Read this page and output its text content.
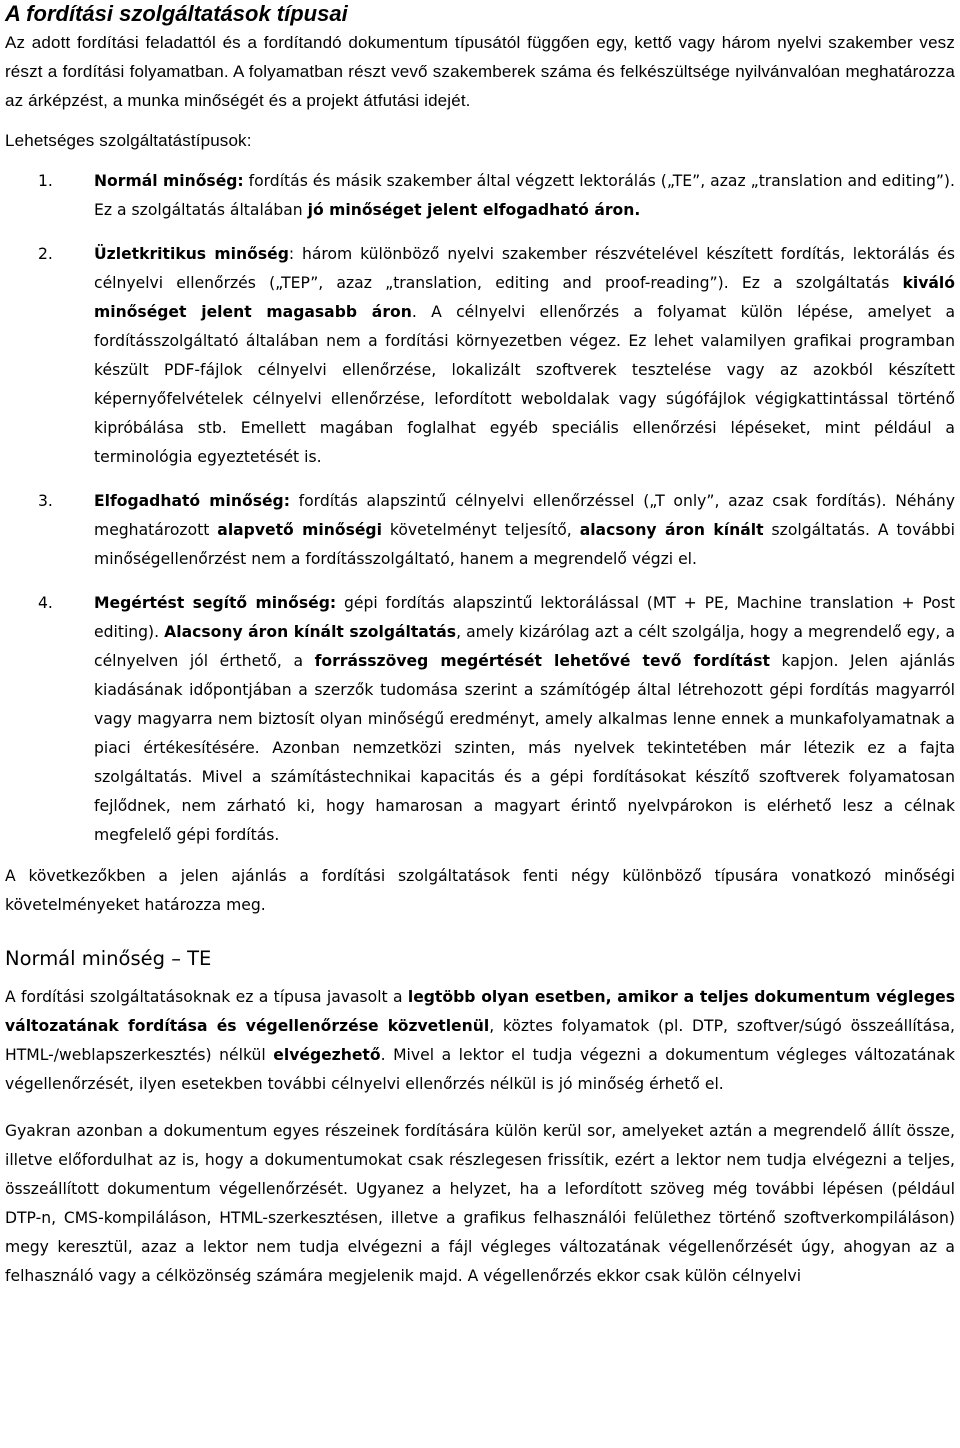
A fordítási szolgáltatások típusai

Az adott fordítási feladattól és a fordítandó dokumentum típusától függően egy, kettő vagy három nyelvi szakember vesz részt a fordítási folyamatban. A folyamatban részt vevő szakemberek száma és felkészültsége nyilvánvalóan meghatározza az árképzést, a munka minőségét és a projekt átfutási idejét.

Lehetséges szolgáltatástípusok:

1.	Normál minőség: fordítás és másik szakember által végzett lektorálás („TE”, azaz „translation and editing”). Ez a szolgáltatás általában jó minőséget jelent elfogadható áron.

2.	Üzletkritikus minőség: három különböző nyelvi szakember részvételével készített fordítás, lektorálás és célnyelvi ellenőrzés („TEP”, azaz „translation, editing and proof-reading”). Ez a szolgáltatás kiváló minőséget jelent magasabb áron. A célnyelvi ellenőrzés a folyamat külön lépése, amelyet a fordításszolgáltató általában nem a fordítási környezetben végez. Ez lehet valamilyen grafikai programban készült PDF-fájlok célnyelvi ellenőrzése, lokalizált szoftverek tesztelése vagy az azokból készített képernyőfelvételek célnyelvi ellenőrzése, lefordított weboldalak vagy súgófájlok végigkattintással történő kipróbálása stb. Emellett magában foglalhat egyéb speciális ellenőrzési lépéseket, mint például a terminológia egyeztetését is.

3.	Elfogadható minőség: fordítás alapszintű célnyelvi ellenőrzéssel („T only”, azaz csak fordítás). Néhány meghatározott alapvető minőségi követelményt teljesítő, alacsony áron kínált szolgáltatás. A további minőségellenőrzést nem a fordításszolgáltató, hanem a megrendelő végzi el.

4.	Megértést segítő minőség: gépi fordítás alapszintű lektorálással (MT + PE, Machine translation + Post editing). Alacsony áron kínált szolgáltatás, amely kizárólag azt a célt szolgálja, hogy a megrendelő egy, a célnyelven jól érthető, a forrásszöveg megértését lehetővé tevő fordítást kapjon. Jelen ajánlás kiadásának időpontjában a szerzők tudomása szerint a számítógép által létrehozott gépi fordítás magyarról vagy magyarra nem biztosít olyan minőségű eredményt, amely alkalmas lenne ennek a munkafolyamatnak a piaci értékesítésére. Azonban nemzetközi szinten, más nyelvek tekintetében már létezik ez a fajta szolgáltatás. Mivel a számítástechnikai kapacitás és a gépi fordításokat készítő szoftverek folyamatosan fejlődnek, nem zárható ki, hogy hamarosan a magyart érintő nyelvpárokon is elérhető lesz a célnak megfelelő gépi fordítás.

A következőkben a jelen ajánlás a fordítási szolgáltatások fenti négy különböző típusára vonatkozó minőségi követelményeket határozza meg.

Normál minőség – TE

A fordítási szolgáltatásoknak ez a típusa javasolt a legtöbb olyan esetben, amikor a teljes dokumentum végleges változatának fordítása és végellenőrzése közvetlenül, köztes folyamatok (pl. DTP, szoftver/súgó összeállítása, HTML-/weblapszerkesztés) nélkül elvégezhető. Mivel a lektor el tudja végezni a dokumentum végleges változatának végellenőrzését, ilyen esetekben további célnyelvi ellenőrzés nélkül is jó minőség érhető el.

Gyakran azonban a dokumentum egyes részeinek fordítására külön kerül sor, amelyeket aztán a megrendelő állít össze, illetve előfordulhat az is, hogy a dokumentumokat csak részlegesen frissítik, ezért a lektor nem tudja elvégezni a teljes, összeállított dokumentum végellenőrzését. Ugyanez a helyzet, ha a lefordított szöveg még további lépésen (például DTP-n, CMS-kompiláláson, HTML-szerkesztésen, illetve a grafikus felhasználói felülethez történő szoftverkompiláláson) megy keresztül, azaz a lektor nem tudja elvégezni a fájl végleges változatának végellenőrzését úgy, ahogyan az a felhasználó vagy a célközönség számára megjelenik majd. A végellenőrzés ekkor csak külön célnyelvi
